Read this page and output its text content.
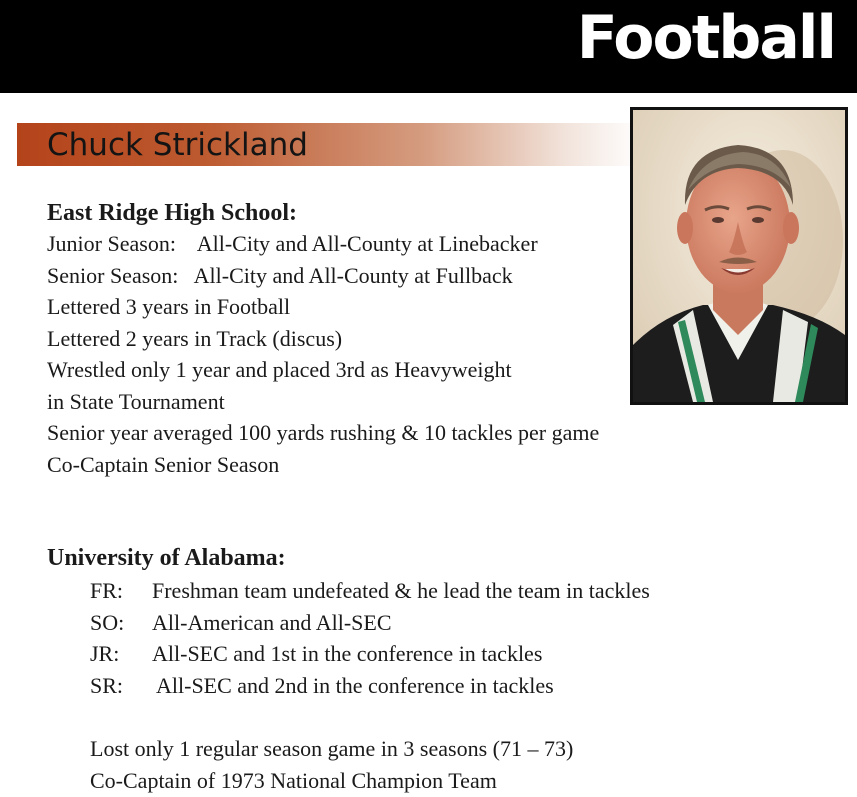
Football
Chuck Strickland
East Ridge High School:
Junior Season:    All-City and All-County at Linebacker
Senior Season:   All-City and All-County at Fullback
Lettered 3 years in Football
Lettered 2 years in Track (discus)
Wrestled only 1 year and placed 3rd as Heavyweight
in State Tournament
Senior year averaged 100 yards rushing & 10 tackles per game
Co-Captain Senior Season
University of Alabama:
FR: Freshman team undefeated & he lead the team in tackles
SO: All-American and All-SEC
JR: All-SEC and 1st in the conference in tackles
SR: All-SEC and 2nd in the conference in tackles
Lost only 1 regular season game in 3 seasons (71 – 73)
Co-Captain of 1973 National Champion Team
